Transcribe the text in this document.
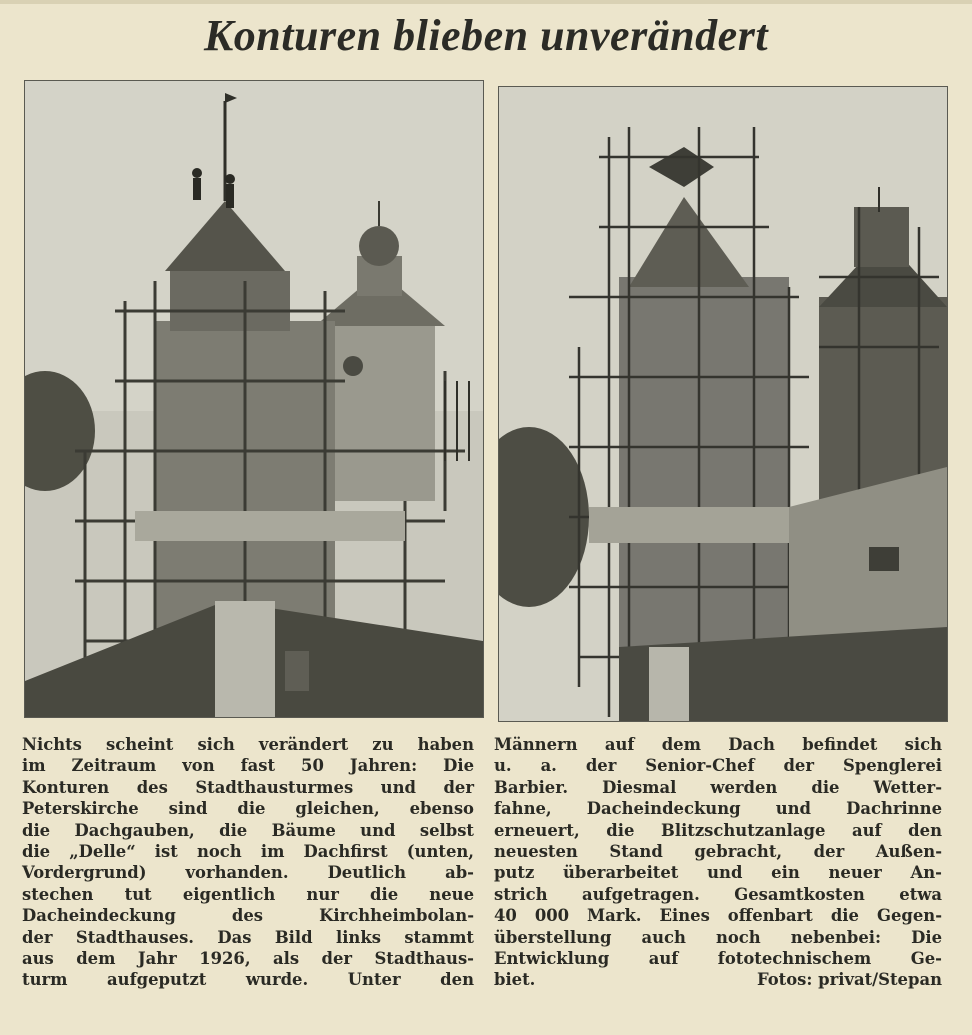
Konturen blieben unverändert
Nichts scheint sich verändert zu haben
im Zeitraum von fast 50 Jahren: Die
Konturen des Stadthausturmes und der
Peterskirche sind die gleichen, ebenso
die Dachgauben, die Bäume und selbst
die „Delle“ ist noch im Dachfirst (unten,
Vordergrund) vorhanden. Deutlich ab-
stechen tut eigentlich nur die neue
Dacheindeckung des Kirchheimbolan-
der Stadthauses. Das Bild links stammt
aus dem Jahr 1926, als der Stadthaus-
turm aufgeputzt wurde. Unter den
Männern auf dem Dach befindet sich
u. a. der Senior-Chef der Spenglerei
Barbier. Diesmal werden die Wetter-
fahne, Dacheindeckung und Dachrinne
erneuert, die Blitzschutzanlage auf den
neuesten Stand gebracht, der Außen-
putz überarbeitet und ein neuer An-
strich aufgetragen. Gesamtkosten etwa
40 000 Mark. Eines offenbart die Gegen-
überstellung auch noch nebenbei: Die
Entwicklung auf fototechnischem Ge-
biet.	Fotos: privat/Stepan
